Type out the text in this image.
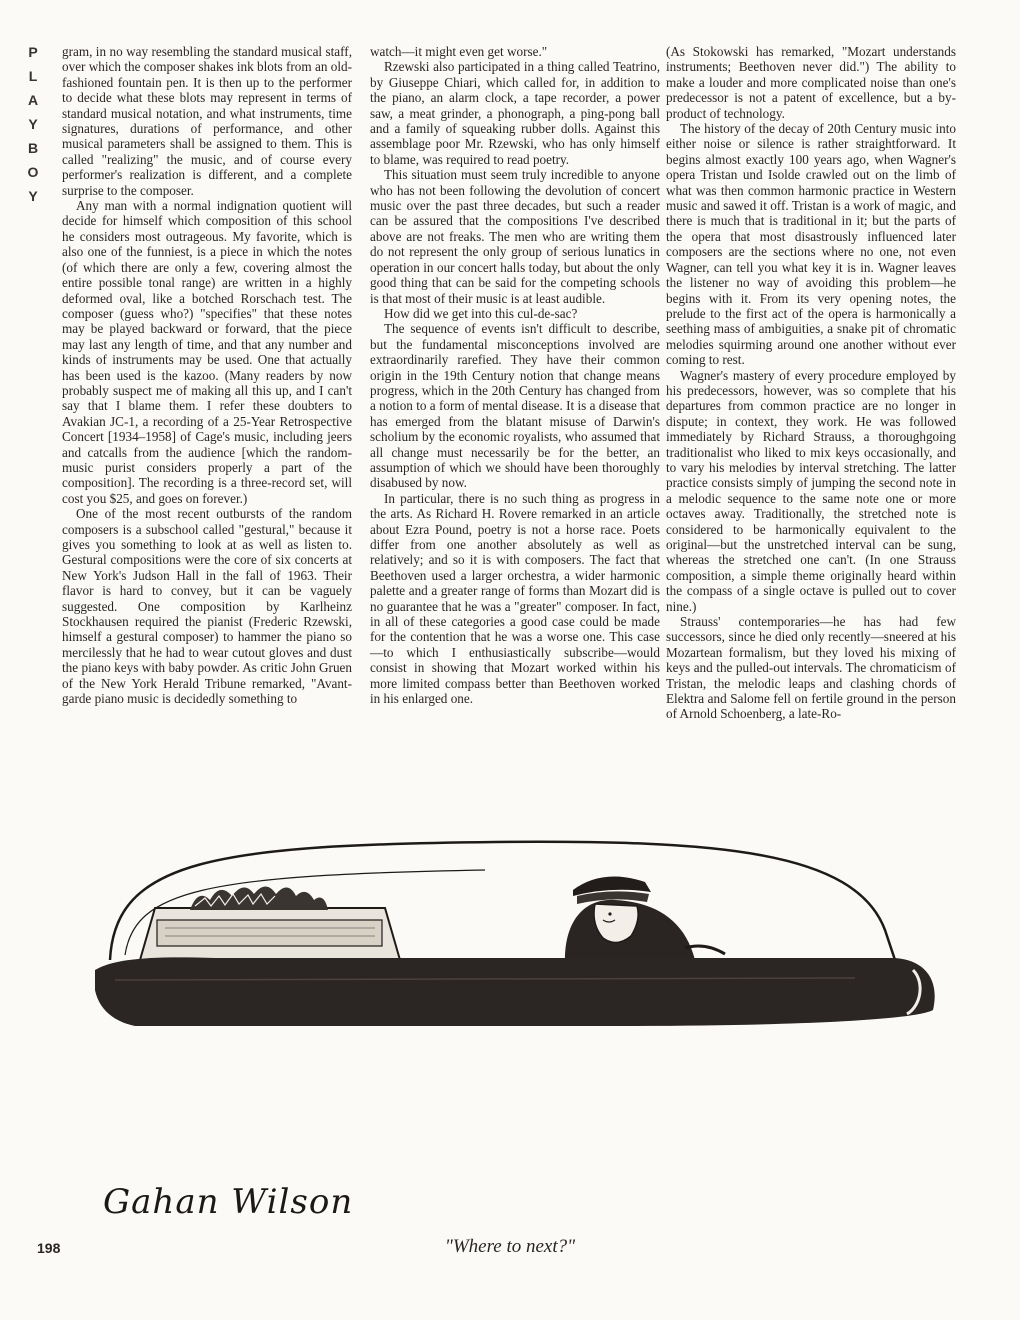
P
L
A
Y
B
O
Y

gram, in no way resembling the standard musical staff, over which the composer shakes ink blots from an old-fashioned fountain pen. It is then up to the performer to decide what these blots may represent in terms of standard musical notation, and what instruments, time signatures, durations of performance, and other musical parameters shall be assigned to them. This is called "realizing" the music, and of course every performer's realization is different, and a complete surprise to the composer.

Any man with a normal indignation quotient will decide for himself which composition of this school he considers most outrageous. My favorite, which is also one of the funniest, is a piece in which the notes (of which there are only a few, covering almost the entire possible tonal range) are written in a highly deformed oval, like a botched Rorschach test. The composer (guess who?) "specifies" that these notes may be played backward or forward, that the piece may last any length of time, and that any number and kinds of instruments may be used. One that actually has been used is the kazoo. (Many readers by now probably suspect me of making all this up, and I can't say that I blame them. I refer these doubters to Avakian JC-1, a recording of a 25-Year Retrospective Concert [1934–1958] of Cage's music, including jeers and catcalls from the audience [which the random-music purist considers properly a part of the composition]. The recording is a three-record set, will cost you $25, and goes on forever.)

One of the most recent outbursts of the random composers is a subschool called "gestural," because it gives you something to look at as well as listen to. Gestural compositions were the core of six concerts at New York's Judson Hall in the fall of 1963. Their flavor is hard to convey, but it can be vaguely suggested. One composition by Karlheinz Stockhausen required the pianist (Frederic Rzewski, himself a gestural composer) to hammer the piano so mercilessly that he had to wear cutout gloves and dust the piano keys with baby powder. As critic John Gruen of the New York Herald Tribune remarked, "Avant-garde piano music is decidedly something to

watch—it might even get worse."

Rzewski also participated in a thing called Teatrino, by Giuseppe Chiari, which called for, in addition to the piano, an alarm clock, a tape recorder, a power saw, a meat grinder, a phonograph, a ping-pong ball and a family of squeaking rubber dolls. Against this assemblage poor Mr. Rzewski, who has only himself to blame, was required to read poetry.

This situation must seem truly incredible to anyone who has not been following the devolution of concert music over the past three decades, but such a reader can be assured that the compositions I've described above are not freaks. The men who are writing them do not represent the only group of serious lunatics in operation in our concert halls today, but about the only good thing that can be said for the competing schools is that most of their music is at least audible.

How did we get into this cul-de-sac?

The sequence of events isn't difficult to describe, but the fundamental misconceptions involved are extraordinarily rarefied. They have their common origin in the 19th Century notion that change means progress, which in the 20th Century has changed from a notion to a form of mental disease. It is a disease that has emerged from the blatant misuse of Darwin's scholium by the economic royalists, who assumed that all change must necessarily be for the better, an assumption of which we should have been thoroughly disabused by now.

In particular, there is no such thing as progress in the arts. As Richard H. Rovere remarked in an article about Ezra Pound, poetry is not a horse race. Poets differ from one another absolutely as well as relatively; and so it is with composers. The fact that Beethoven used a larger orchestra, a wider harmonic palette and a greater range of forms than Mozart did is no guarantee that he was a "greater" composer. In fact, in all of these categories a good case could be made for the contention that he was a worse one. This case—to which I enthusiastically subscribe—would consist in showing that Mozart worked within his more limited compass better than Beethoven worked in his enlarged one.

(As Stokowski has remarked, "Mozart understands instruments; Beethoven never did.") The ability to make a louder and more complicated noise than one's predecessor is not a patent of excellence, but a by-product of technology.

The history of the decay of 20th Century music into either noise or silence is rather straightforward. It begins almost exactly 100 years ago, when Wagner's opera Tristan und Isolde crawled out on the limb of what was then common harmonic practice in Western music and sawed it off. Tristan is a work of magic, and there is much that is traditional in it; but the parts of the opera that most disastrously influenced later composers are the sections where no one, not even Wagner, can tell you what key it is in. Wagner leaves the listener no way of avoiding this problem—he begins with it. From its very opening notes, the prelude to the first act of the opera is harmonically a seething mass of ambiguities, a snake pit of chromatic melodies squirming around one another without ever coming to rest.

Wagner's mastery of every procedure employed by his predecessors, however, was so complete that his departures from common practice are no longer in dispute; in context, they work. He was followed immediately by Richard Strauss, a thoroughgoing traditionalist who liked to mix keys occasionally, and to vary his melodies by interval stretching. The latter practice consists simply of jumping the second note in a melodic sequence to the same note one or more octaves away. Traditionally, the stretched note is considered to be harmonically equivalent to the original—but the unstretched interval can be sung, whereas the stretched one can't. (In one Strauss composition, a simple theme originally heard within the compass of a single octave is pulled out to cover nine.)

Strauss' contemporaries—he has had few successors, since he died only recently—sneered at his Mozartean formalism, but they loved his mixing of keys and the pulled-out intervals. The chromaticism of Tristan, the melodic leaps and clashing chords of Elektra and Salome fell on fertile ground in the person of Arnold Schoenberg, a late-Ro-

Gahan Wilson
198	"Where to next?"
